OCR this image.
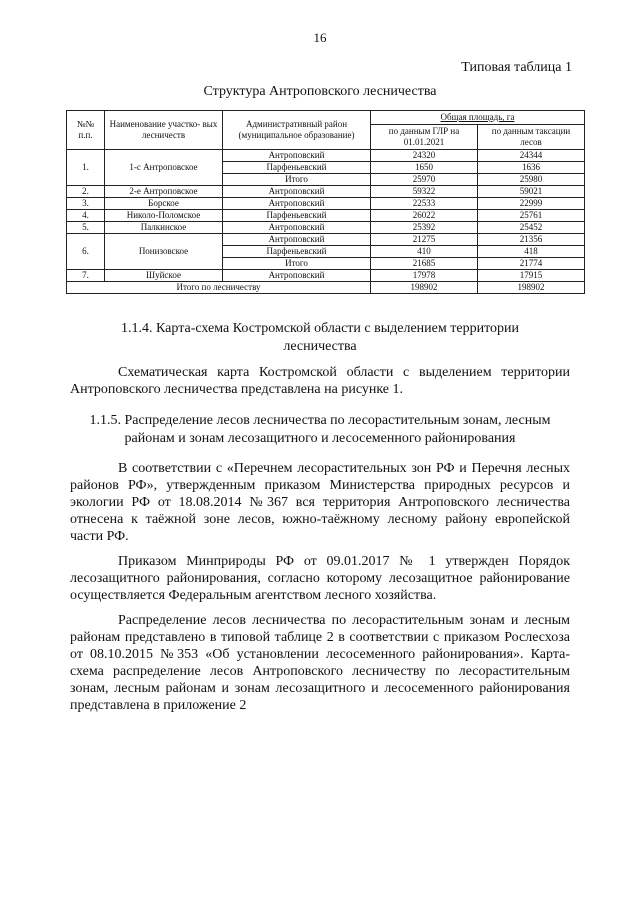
16
Типовая таблица 1
Структура Антроповского лесничества
№№ п.п.	Наименование участко- вых лесничеств	Административный район (муниципальное образование)	Общая площадь, га	
			по данным ГЛР на 01.01.2021	по данным таксации лесов
1.	1-с Антроповское	Антроповский	24320	24344
		Парфеньевский	1650	1636
		Итого	25970	25980
2.	2-е Антроповское	Антроповский	59322	59021
3.	Борское	Антроповский	22533	22999
4.	Николо-Поломское	Парфеньевский	26022	25761
5.	Палкинское	Антроповский	25392	25452
6.	Понизовское	Антроповский	21275	21356
		Парфеньевский	410	418
		Итого	21685	21774
7.	Шуйское	Антроповский	17978	17915
Итого по лесничеству			198902	198902
1.1.4. Карта-схема Костромской области с выделением территории лесничества
Схематическая карта Костромской области с выделением территории Антроповского лесничества представлена на рисунке 1.
1.1.5. Распределение лесов лесничества по лесорастительным зонам, лесным районам и зонам лесозащитного и лесосеменного районирования

В соответствии с «Перечнем лесорастительных зон РФ и Перечня лесных районов РФ», утвержденным приказом Министерства природных ресурсов и экологии РФ от 18.08.2014 №367 вся территория Антроповского лесничества отнесена к таёжной зоне лесов, южно-таёжному лесному району европейской части РФ.

Приказом Минприроды РФ от 09.01.2017 № 1 утвержден Порядок лесозащитного районирования, согласно которому лесозащитное районирование осуществляется Федеральным агентством лесного хозяйства.

Распределение лесов лесничества по лесорастительным зонам и лесным районам представлено в типовой таблице 2 в соответствии с приказом Рослесхоза от 08.10.2015 №353 «Об установлении лесосеменного районирования». Карта-схема распределение лесов Антроповского лесничеству по лесорастительным зонам, лесным районам и зонам лесозащитного и лесосеменного районирования представлена в приложение 2
